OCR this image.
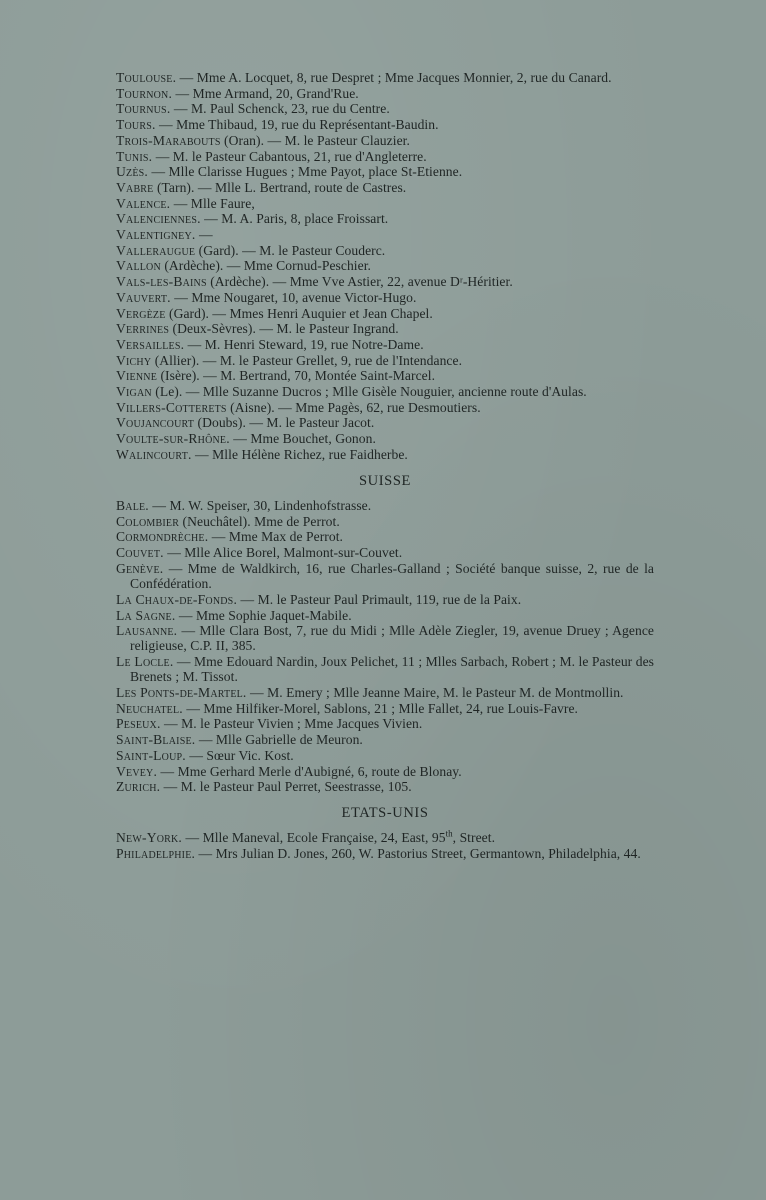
Toulouse. — Mme A. Locquet, 8, rue Despret ; Mme Jacques Monnier, 2, rue du Canard.

Tournon. — Mme Armand, 20, Grand'Rue.

Tournus. — M. Paul Schenck, 23, rue du Centre.

Tours. — Mme Thibaud, 19, rue du Représentant-Baudin.

Trois-Marabouts (Oran). — M. le Pasteur Clauzier.

Tunis. — M. le Pasteur Cabantous, 21, rue d'Angleterre.

Uzès. — Mlle Clarisse Hugues ; Mme Payot, place St-Etienne.

Vabre (Tarn). — Mlle L. Bertrand, route de Castres.

Valence. — Mlle Faure,

Valenciennes. — M. A. Paris, 8, place Froissart.

Valentigney. —

Valleraugue (Gard). — M. le Pasteur Couderc.

Vallon (Ardèche). — Mme Cornud-Peschier.

Vals-les-Bains (Ardèche). — Mme Vve Astier, 22, avenue Dʳ-Héritier.

Vauvert. — Mme Nougaret, 10, avenue Victor-Hugo.

Vergèze (Gard). — Mmes Henri Auquier et Jean Chapel.

Verrines (Deux-Sèvres). — M. le Pasteur Ingrand.

Versailles. — M. Henri Steward, 19, rue Notre-Dame.

Vichy (Allier). — M. le Pasteur Grellet, 9, rue de l'Intendance.

Vienne (Isère). — M. Bertrand, 70, Montée Saint-Marcel.

Vigan (Le). — Mlle Suzanne Ducros ; Mlle Gisèle Nouguier, ancienne route d'Aulas.

Villers-Cotterets (Aisne). — Mme Pagès, 62, rue Desmoutiers.

Voujancourt (Doubs). — M. le Pasteur Jacot.

Voulte-sur-Rhône. — Mme Bouchet, Gonon.

Walincourt. — Mlle Hélène Richez, rue Faidherbe.

SUISSE

Bale. — M. W. Speiser, 30, Lindenhofstrasse.

Colombier (Neuchâtel). Mme de Perrot.

Cormondrèche. — Mme Max de Perrot.

Couvet. — Mlle Alice Borel, Malmont-sur-Couvet.

Genève. — Mme de Waldkirch, 16, rue Charles-Galland ; Société banque suisse, 2, rue de la Confédération.

La Chaux-de-Fonds. — M. le Pasteur Paul Primault, 119, rue de la Paix.

La Sagne. — Mme Sophie Jaquet-Mabile.

Lausanne. — Mlle Clara Bost, 7, rue du Midi ; Mlle Adèle Ziegler, 19, avenue Druey ; Agence religieuse, C.P. II, 385.

Le Locle. — Mme Edouard Nardin, Joux Pelichet, 11 ; Mlles Sarbach, Robert ; M. le Pasteur des Brenets ; M. Tissot.

Les Ponts-de-Martel. — M. Emery ; Mlle Jeanne Maire, M. le Pasteur M. de Montmollin.

Neuchatel. — Mme Hilfiker-Morel, Sablons, 21 ; Mlle Fallet, 24, rue Louis-Favre.

Peseux. — M. le Pasteur Vivien ; Mme Jacques Vivien.

Saint-Blaise. — Mlle Gabrielle de Meuron.

Saint-Loup. — Sœur Vic. Kost.

Vevey. — Mme Gerhard Merle d'Aubigné, 6, route de Blonay.

Zurich. — M. le Pasteur Paul Perret, Seestrasse, 105.

ETATS-UNIS

New-York. — Mlle Maneval, Ecole Française, 24, East, 95th, Street.

Philadelphie. — Mrs Julian D. Jones, 260, W. Pastorius Street, Germantown, Philadelphia, 44.
